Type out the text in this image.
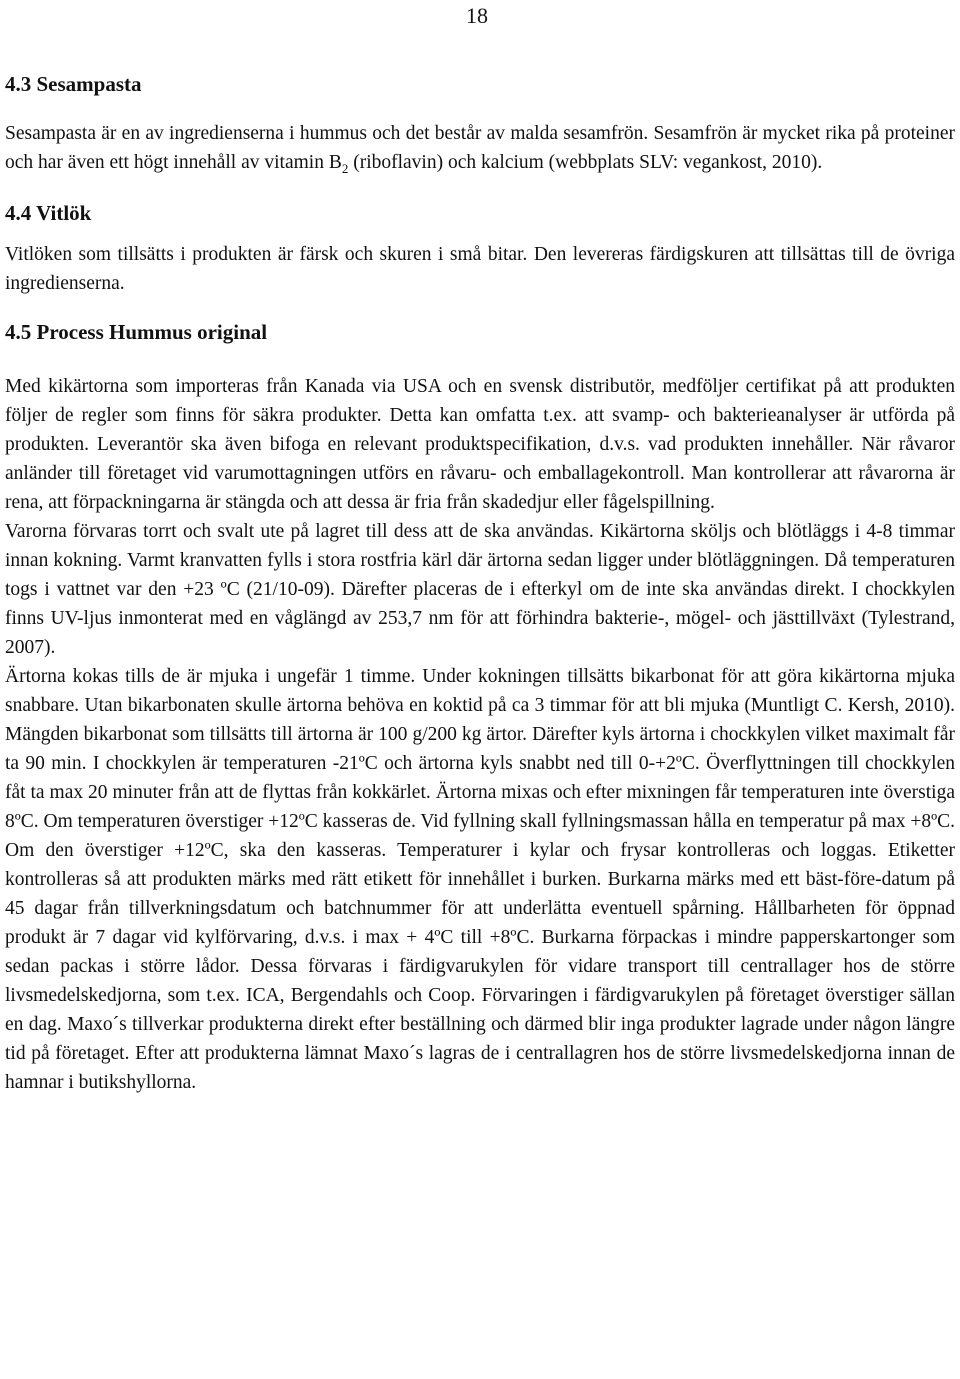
18
4.3 Sesampasta

Sesampasta är en av ingredienserna i hummus och det består av malda sesamfrön. Sesamfrön är mycket rika på proteiner och har även ett högt innehåll av vitamin $B_2$ (riboflavin) och kalcium (webbplats SLV: vegankost, 2010).

4.4 Vitlök

Vitlöken som tillsätts i produkten är färsk och skuren i små bitar. Den levereras färdigskuren att tillsättas till de övriga ingredienserna.

4.5 Process Hummus original

Med kikärtorna som importeras från Kanada via USA och en svensk distributör, medföljer certifikat på att produkten följer de regler som finns för säkra produkter. Detta kan omfatta t.ex. att svamp- och bakterieanalyser är utförda på produkten. Leverantör ska även bifoga en relevant produktspecifikation, d.v.s. vad produkten innehåller. När råvaror anländer till företaget vid varumottagningen utförs en råvaru- och emballagekontroll. Man kontrollerar att råvarorna är rena, att förpackningarna är stängda och att dessa är fria från skadedjur eller fågelspillning.

Varorna förvaras torrt och svalt ute på lagret till dess att de ska användas. Kikärtorna sköljs och blötläggs i 4-8 timmar innan kokning. Varmt kranvatten fylls i stora rostfria kärl där ärtorna sedan ligger under blötläggningen. Då temperaturen togs i vattnet var den +23 ºC (21/10-09). Därefter placeras de i efterkyl om de inte ska användas direkt. I chockkylen finns UV-ljus inmonterat med en våglängd av 253,7 nm för att förhindra bakterie-, mögel- och jästtillväxt (Tylestrand, 2007).

Ärtorna kokas tills de är mjuka i ungefär 1 timme. Under kokningen tillsätts bikarbonat för att göra kikärtorna mjuka snabbare. Utan bikarbonaten skulle ärtorna behöva en koktid på ca 3 timmar för att bli mjuka (Muntligt C. Kersh, 2010). Mängden bikarbonat som tillsätts till ärtorna är 100 g/200 kg ärtor. Därefter kyls ärtorna i chockkylen vilket maximalt får ta 90 min. I chockkylen är temperaturen -21ºC och ärtorna kyls snabbt ned till 0-+2ºC. Överflyttningen till chockkylen fåt ta max 20 minuter från att de flyttas från kokkärlet. Ärtorna mixas och efter mixningen får temperaturen inte överstiga 8ºC. Om temperaturen överstiger +12ºC kasseras de. Vid fyllning skall fyllningsmassan hålla en temperatur på max +8ºC. Om den överstiger +12ºC, ska den kasseras. Temperaturer i kylar och frysar kontrolleras och loggas. Etiketter kontrolleras så att produkten märks med rätt etikett för innehållet i burken. Burkarna märks med ett bäst-före-datum på 45 dagar från tillverkningsdatum och batchnummer för att underlätta eventuell spårning. Hållbarheten för öppnad produkt är 7 dagar vid kylförvaring, d.v.s. i max + 4ºC till +8ºC. Burkarna förpackas i mindre papperskartonger som sedan packas i större lådor. Dessa förvaras i färdigvarukylen för vidare transport till centrallager hos de större livsmedelskedjorna, som t.ex. ICA, Bergendahls och Coop. Förvaringen i färdigvarukylen på företaget överstiger sällan en dag. Maxo´s tillverkar produkterna direkt efter beställning och därmed blir inga produkter lagrade under någon längre tid på företaget. Efter att produkterna lämnat Maxo´s lagras de i centrallagren hos de större livsmedelskedjorna innan de hamnar i butikshyllorna.
